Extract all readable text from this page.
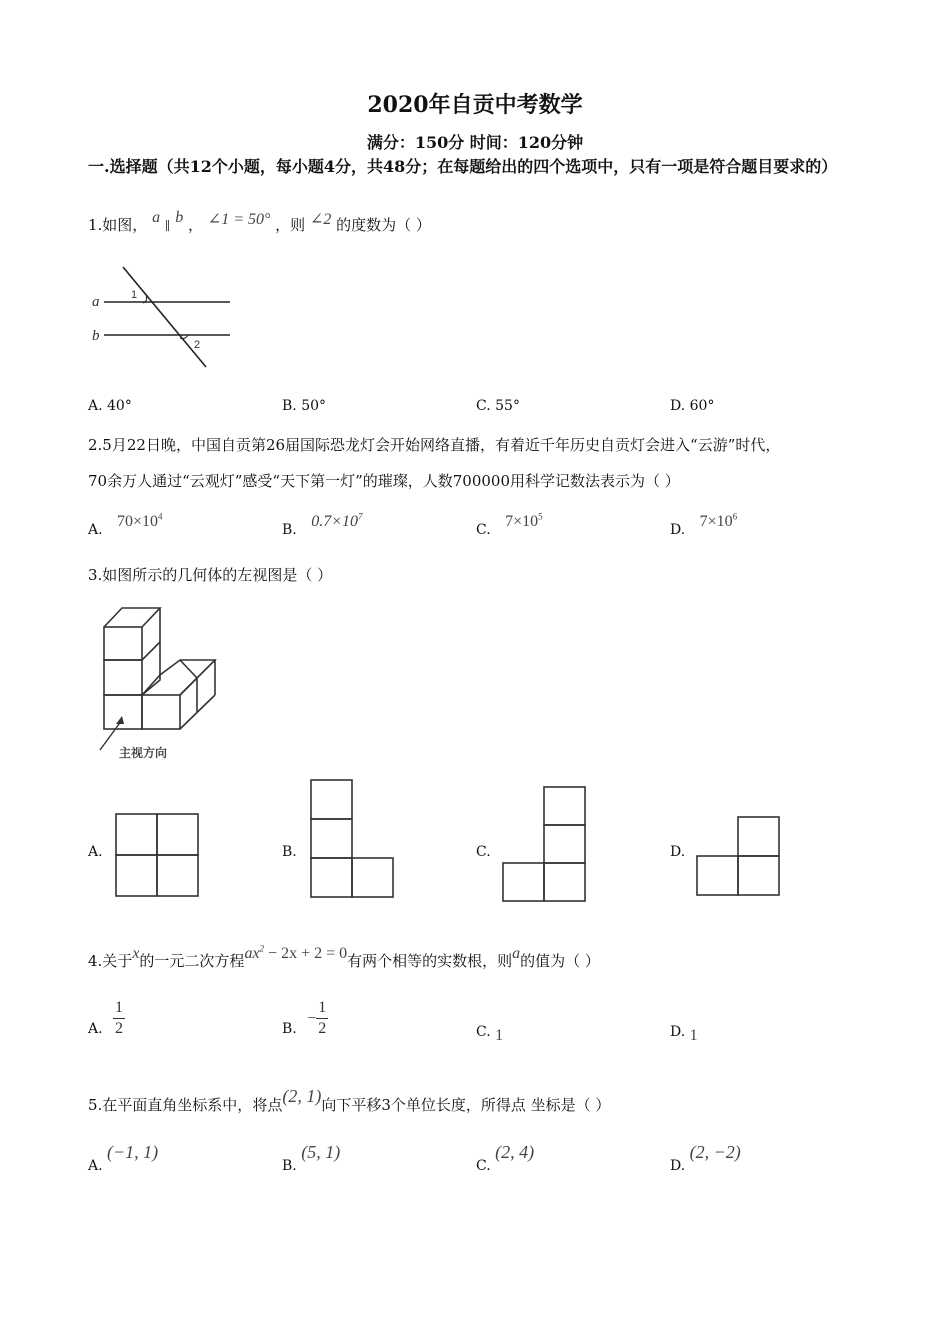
2020年自贡中考数学
满分：150分 时间：120分钟
一.选择题（共12个小题，每小题4分，共48分；在每题给出的四个选项中，只有一项是符合题目要求的）
1.如图， a ∥ b ， ∠1 = 50° ，则 ∠2 的度数为（ ）
a
b
1
2
A. 40°	B. 50°	C. 55°	D. 60°
2.5月22日晚，中国自贡第26届国际恐龙灯会开始网络直播，有着近千年历史自贡灯会进入“云游”时代，
70余万人通过“云观灯”感受“天下第一灯”的璀璨，人数700000用科学记数法表示为（ ）
A. $70\times 10^4$
B. $0.7\times 10^7$
C. $7\times 10^5$
D. $7\times 10^6$
3.如图所示的几何体的左视图是（ ）
主视方向
A.	B.	C.	D.
4.关于x的一元二次方程$ax^2 - 2x + 2 = 0$有两个相等的实数根，则a的值为（ ）
A. $\frac{1}{2}$	B. − $\frac{1}{2}$	C. 1	D. 1
5.在平面直角坐标系中，将点(2, 1)向下平移3个单位长度，所得点 坐标是（ ）
A. (−1, 1)
B. (5, 1)
C. (2, 4)
D. (2, −2)
